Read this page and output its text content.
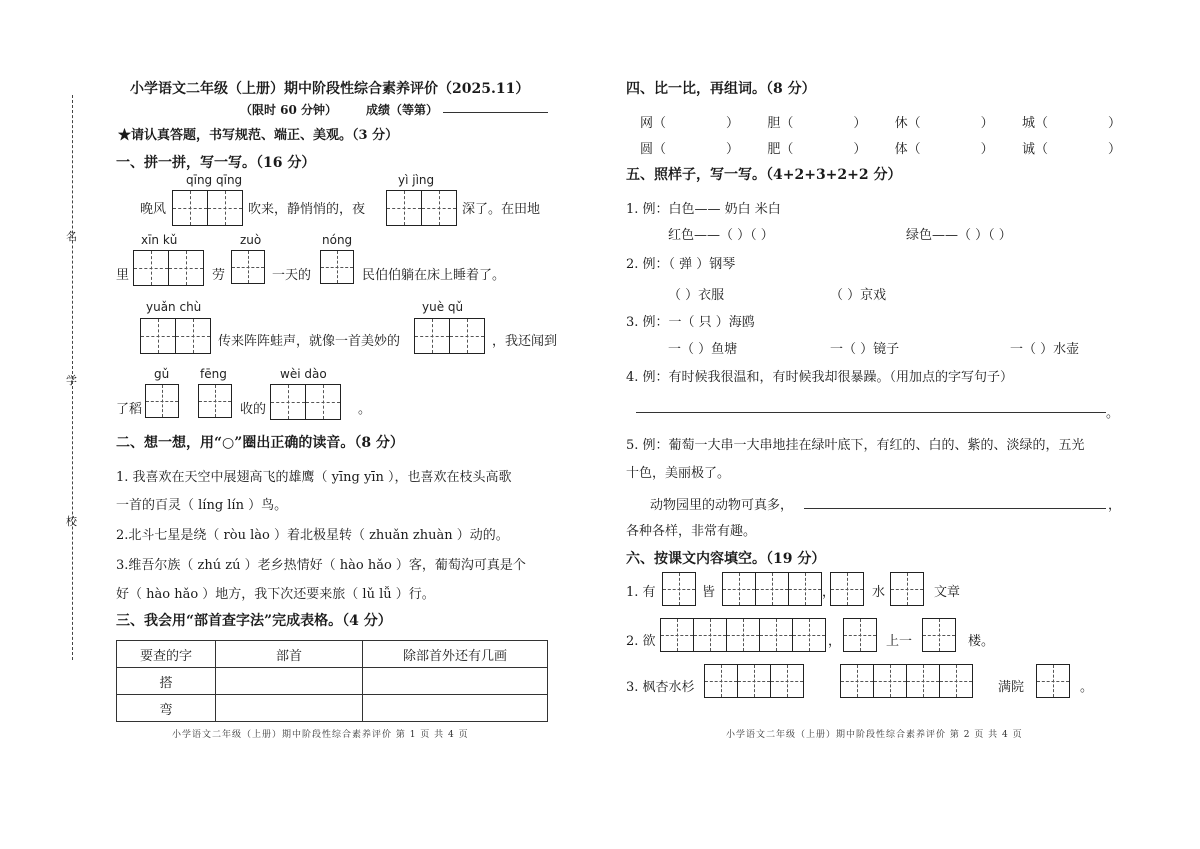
名
学
校
小学语文二年级（上册）期中阶段性综合素养评价（2025.11）
（限时 60 分钟） 成绩（等第）
★请认真答题，书写规范、端正、美观。（3 分）
一、拼一拼，写一写。（16 分）
qīng qīng
晚风	吹来，静悄悄的，夜
yì jìng
深了。在田地
xīn kǔ	zuò	nóng
里	劳	一天的	民伯伯躺在床上睡着了。
yuǎn chù	yuè qǔ
传来阵阵蛙声，就像一首美妙的	，我还闻到
gǔ	fēng	wèi dào
了稻	收的	。
二、想一想，用“○”圈出正确的读音。（8 分）
1. 我喜欢在天空中展翅高飞的雄鹰（ yīng yīn ），也喜欢在枝头高歌
一首的百灵（ líng lín ）鸟。
2.北斗七星是绕（ ròu lào ）着北极星转（ zhuǎn zhuàn ）动的。
3.维吾尔族（ zhú zú ）老乡热情好（ hào hǎo ）客，葡萄沟可真是个
好（ hào hǎo ）地方，我下次还要来旅（ lǔ lǚ ）行。
三、我会用“部首查字法”完成表格。（4 分）
要查的字	部首	除部首外还有几画
搭		
弯		
小学语文二年级（上册）期中阶段性综合素养评价 第 1 页 共 4 页
四、比一比，再组词。（8 分）
网（	） 胆（	） 休（	） 城（	）
圆（	） 肥（	） 体（	） 诚（	）
五、照样子，写一写。（4+2+3+2+2 分）
1. 例：白色—— 奶白 米白
红色——（ ）（ ）	绿色——（ ）（ ）
2. 例：（ 弹 ）钢琴
（ ）衣服	（ ）京戏
3. 例：一（ 只 ）海鸥
一（ ）鱼塘	一（ ）镜子	一（ ）水壶
4. 例：有时候我很温和，有时候我却很暴躁。（用加点的字写句子）
。
5. 例：葡萄一大串一大串地挂在绿叶底下，有红的、白的、紫的、淡绿的，五光
十色，美丽极了。
动物园里的动物可真多，	，
各种各样，非常有趣。
六、按课文内容填空。（19 分）
1. 有	皆	，	水	文章
2. 欲	，	上一	楼。
3. 枫杏水杉	满院	。
小学语文二年级（上册）期中阶段性综合素养评价 第 2 页 共 4 页
